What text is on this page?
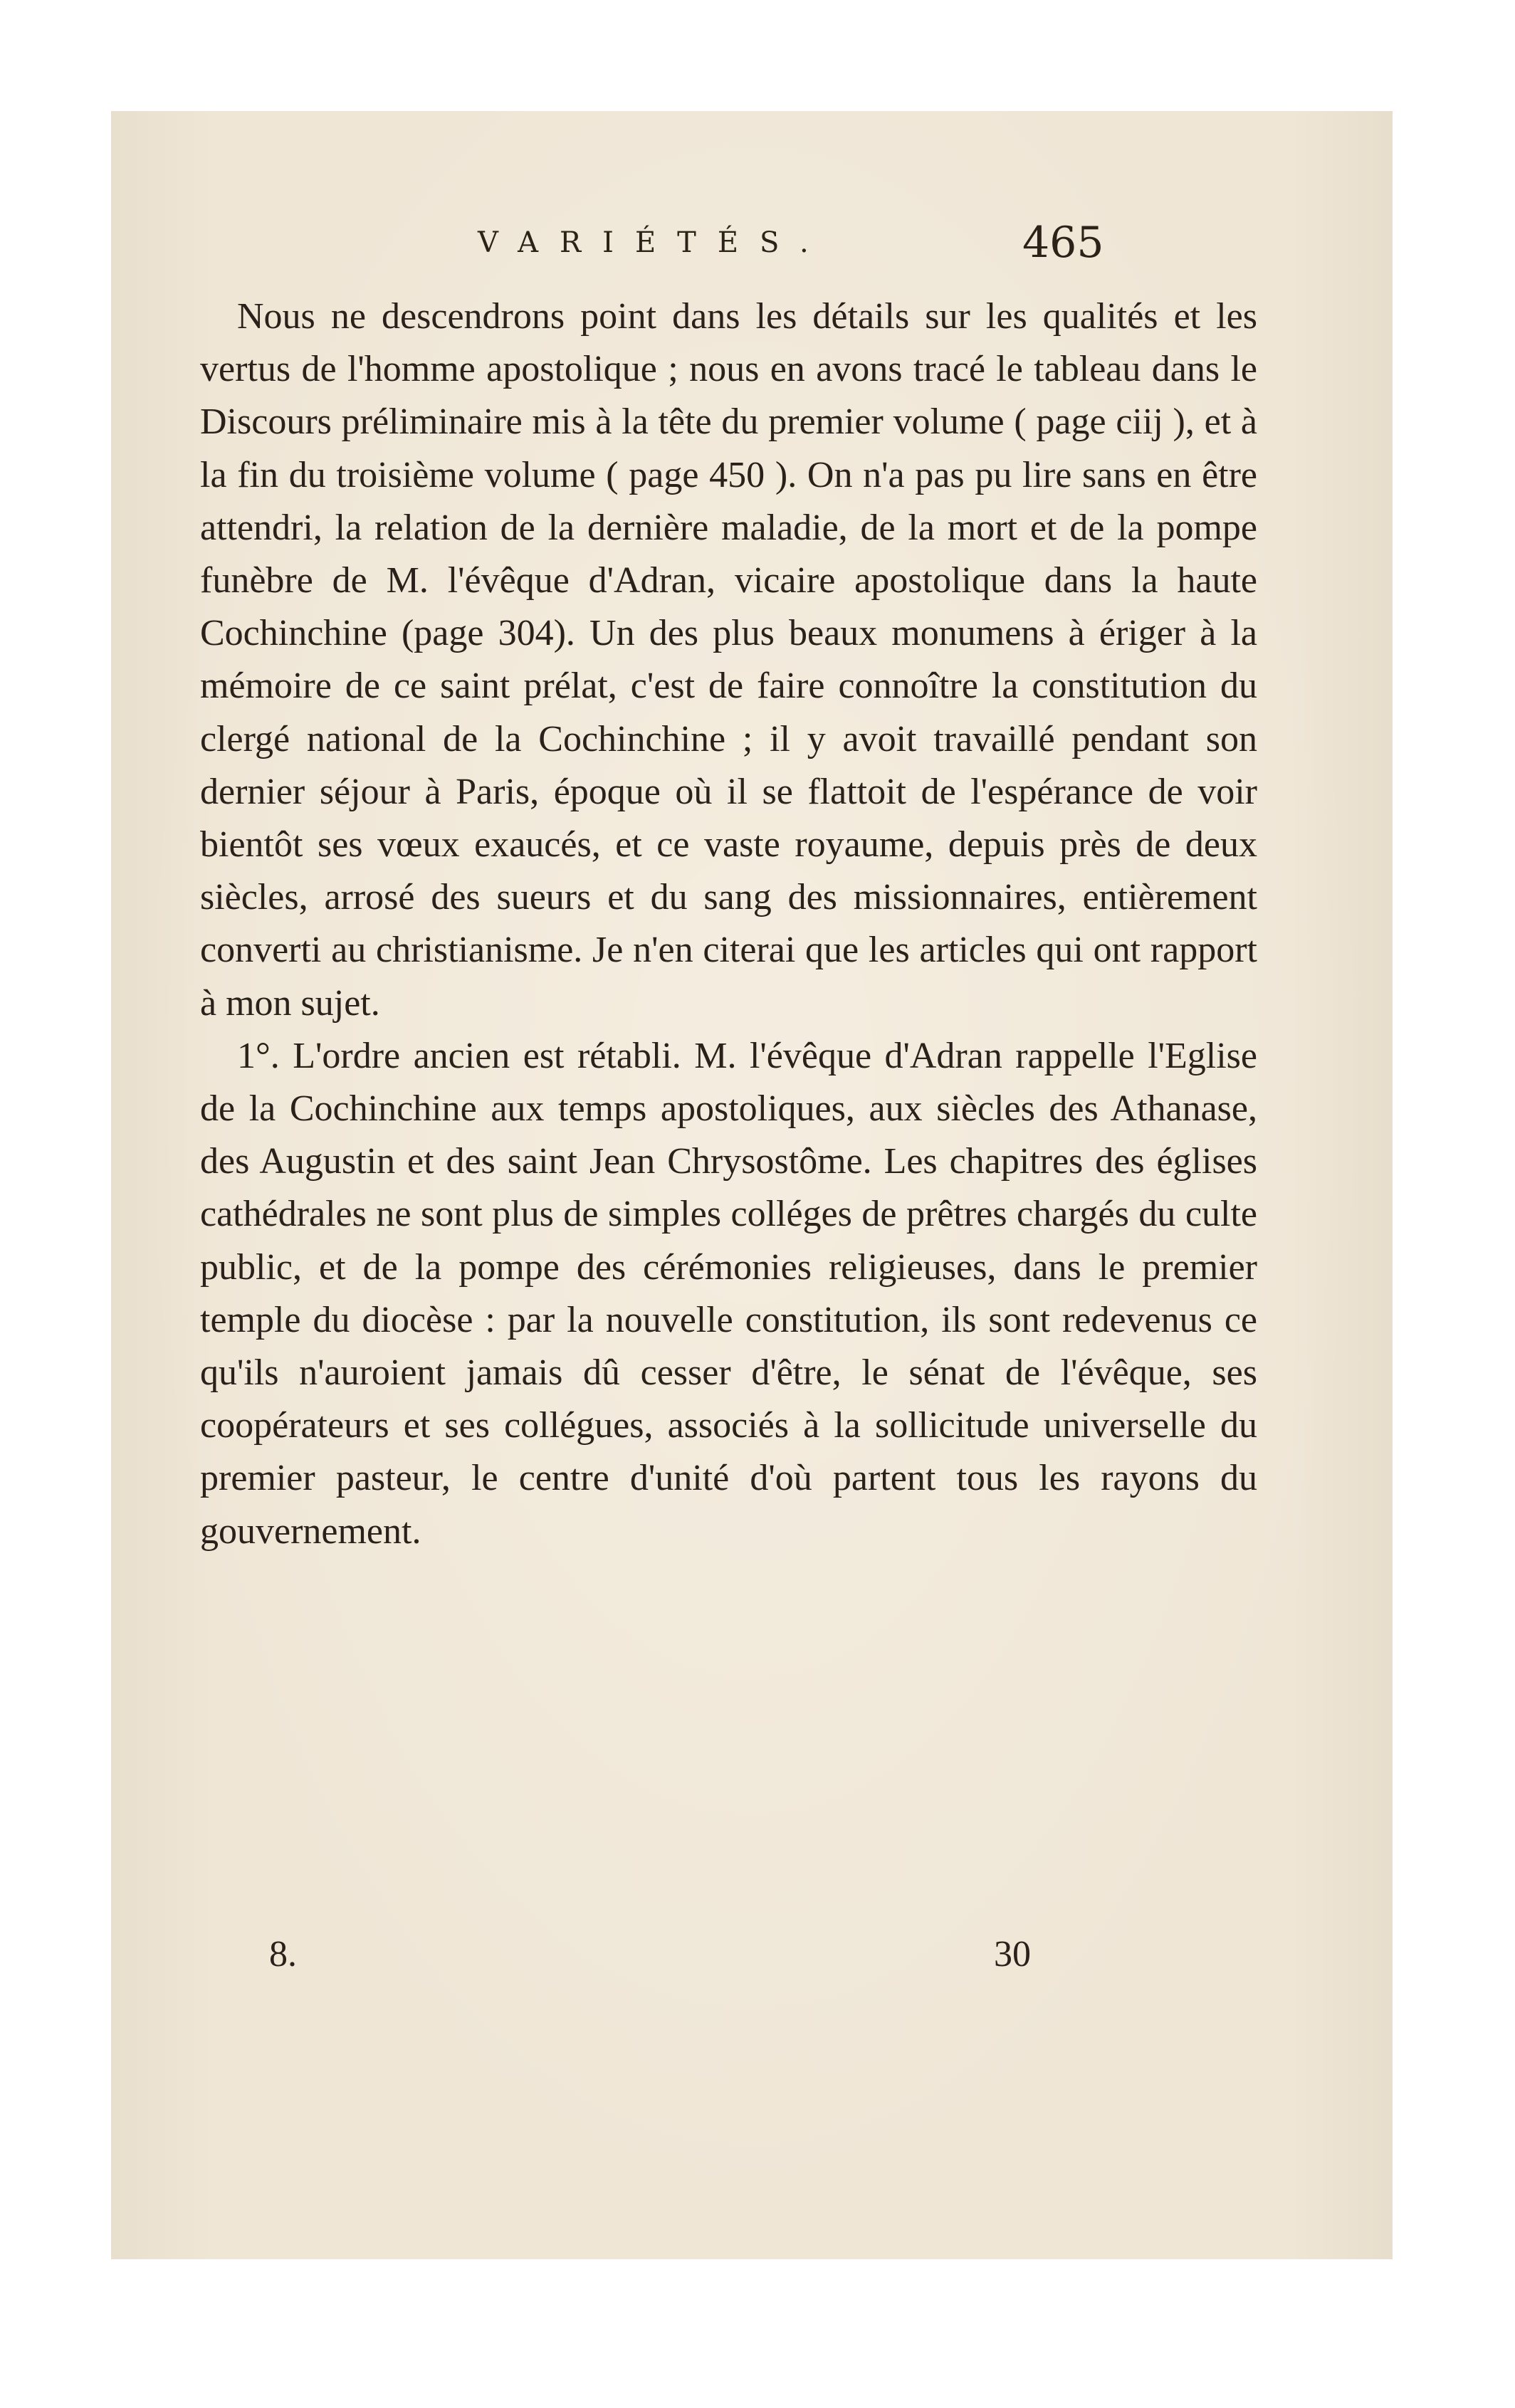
VARIÉTÉS.	465

Nous ne descendrons point dans les détails sur les qualités et les vertus de l'homme apostolique ; nous en avons tracé le tableau dans le Discours préliminaire mis à la tête du premier volume ( page ciij ), et à la fin du troisième volume ( page 450 ). On n'a pas pu lire sans en être attendri, la relation de la dernière maladie, de la mort et de la pompe funèbre de M. l'évêque d'Adran, vicaire apostolique dans la haute Cochinchine (page 304). Un des plus beaux monumens à ériger à la mémoire de ce saint prélat, c'est de faire connoître la constitution du clergé national de la Cochinchine ; il y avoit travaillé pendant son dernier séjour à Paris, époque où il se flattoit de l'espérance de voir bientôt ses vœux exaucés, et ce vaste royaume, depuis près de deux siècles, arrosé des sueurs et du sang des missionnaires, entièrement converti au christianisme. Je n'en citerai que les articles qui ont rapport à mon sujet.

1°. L'ordre ancien est rétabli. M. l'évêque d'Adran rappelle l'Eglise de la Cochinchine aux temps apostoliques, aux siècles des Athanase, des Augustin et des saint Jean Chrysostôme. Les chapitres des églises cathédrales ne sont plus de simples colléges de prêtres chargés du culte public, et de la pompe des cérémonies religieuses, dans le premier temple du diocèse : par la nouvelle constitution, ils sont redevenus ce qu'ils n'auroient jamais dû cesser d'être, le sénat de l'évêque, ses coopérateurs et ses collégues, associés à la sollicitude universelle du premier pasteur, le centre d'unité d'où partent tous les rayons du gouvernement.

8.	30
